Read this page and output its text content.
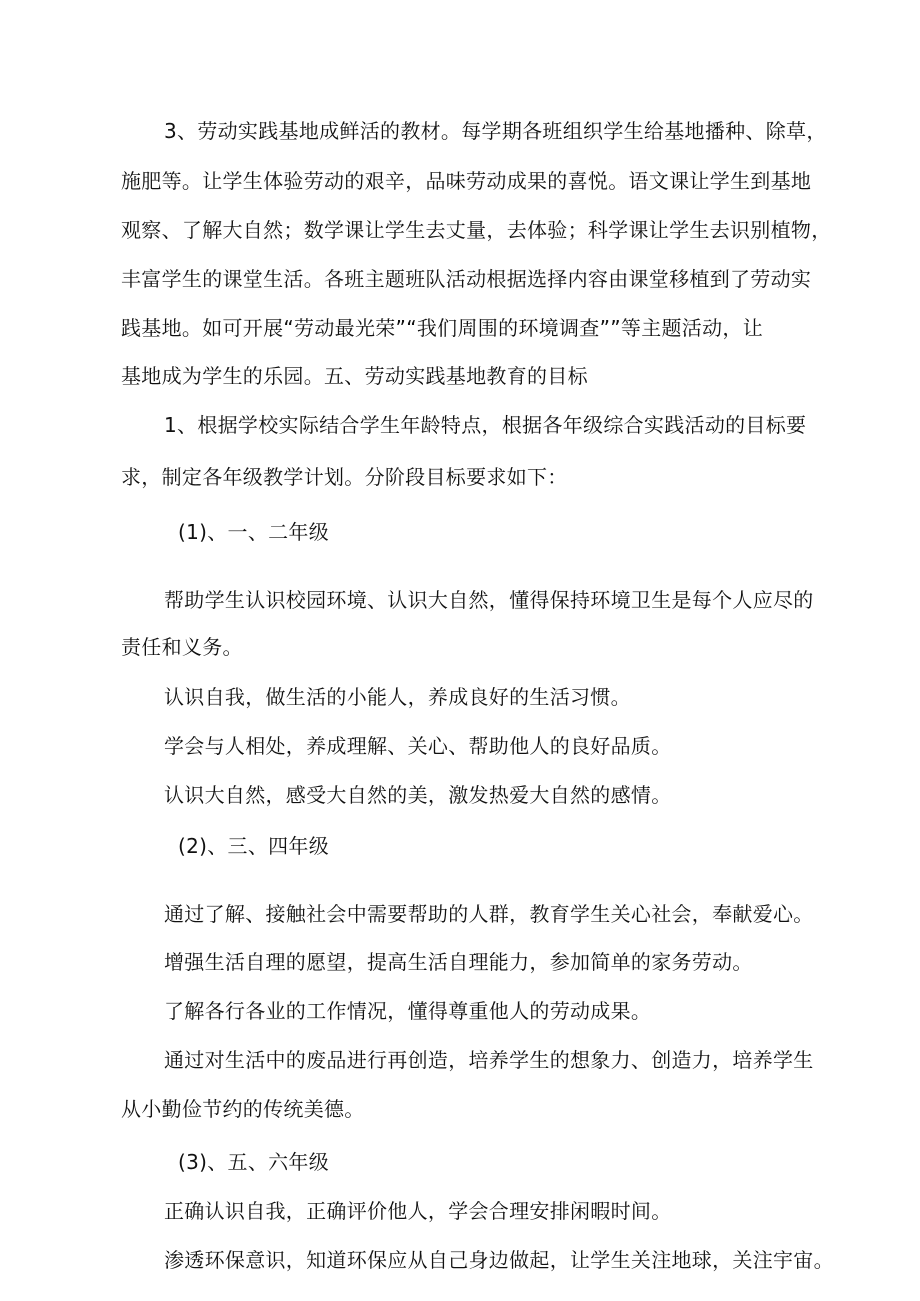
3、劳动实践基地成鲜活的教材。每学期各班组织学生给基地播种、除草，
施肥等。让学生体验劳动的艰辛，品味劳动成果的喜悦。语文课让学生到基地
观察、了解大自然；数学课让学生去丈量，去体验；科学课让学生去识别植物，
丰富学生的课堂生活。各班主题班队活动根据选择内容由课堂移植到了劳动实
践基地。如可开展“劳动最光荣”“我们周围的环境调查””等主题活动，让
基地成为学生的乐园。五、劳动实践基地教育的目标
1、根据学校实际结合学生年龄特点，根据各年级综合实践活动的目标要
求，制定各年级教学计划。分阶段目标要求如下：
(1)、一、二年级
帮助学生认识校园环境、认识大自然，懂得保持环境卫生是每个人应尽的
责任和义务。
认识自我，做生活的小能人，养成良好的生活习惯。
学会与人相处，养成理解、关心、帮助他人的良好品质。
认识大自然，感受大自然的美，激发热爱大自然的感情。
(2)、三、四年级
通过了解、接触社会中需要帮助的人群，教育学生关心社会，奉献爱心。
增强生活自理的愿望，提高生活自理能力，参加简单的家务劳动。
了解各行各业的工作情况，懂得尊重他人的劳动成果。
通过对生活中的废品进行再创造，培养学生的想象力、创造力，培养学生
从小勤俭节约的传统美德。
(3)、五、六年级
正确认识自我，正确评价他人，学会合理安排闲暇时间。
渗透环保意识，知道环保应从自己身边做起，让学生关注地球，关注宇宙。
